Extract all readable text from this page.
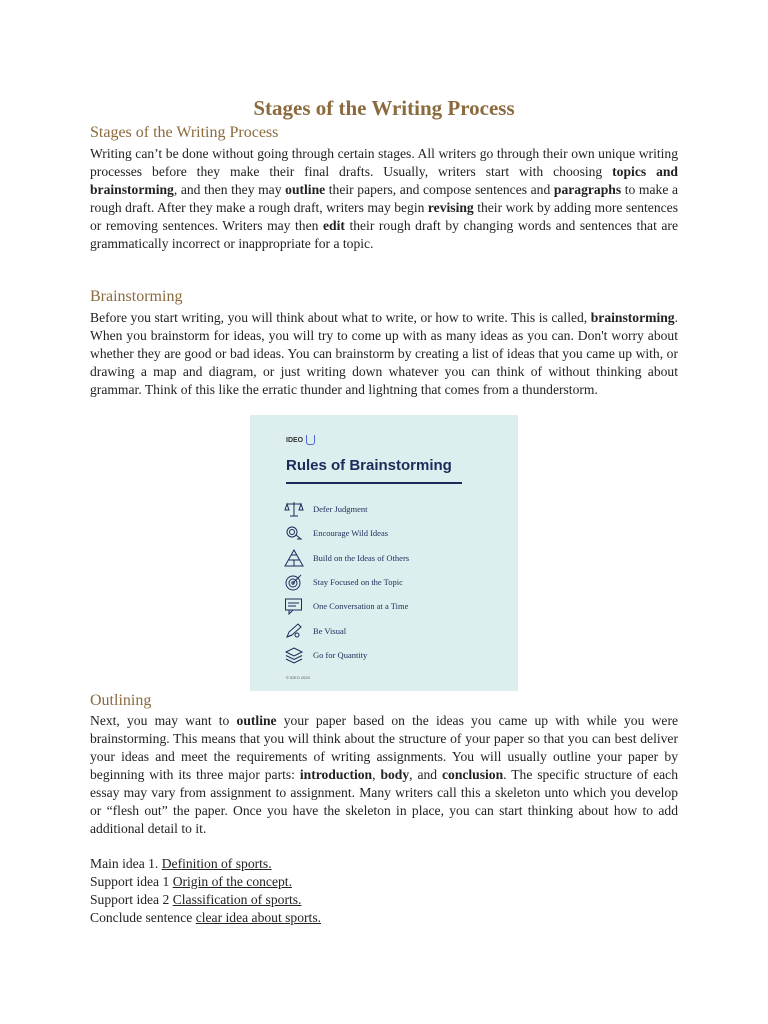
Stages of the Writing Process
Stages of the Writing Process

Writing can’t be done without going through certain stages. All writers go through their own unique writing processes before they make their final drafts. Usually, writers start with choosing topics and brainstorming, and then they may outline their papers, and compose sentences and paragraphs to make a rough draft. After they make a rough draft, writers may begin revising their work by adding more sentences or removing sentences. Writers may then edit their rough draft by changing words and sentences that are grammatically incorrect or inappropriate for a topic.

Brainstorming

Before you start writing, you will think about what to write, or how to write. This is called, brainstorming. When you brainstorm for ideas, you will try to come up with as many ideas as you can. Don't worry about whether they are good or bad ideas. You can brainstorm by creating a list of ideas that you came up with, or drawing a map and diagram, or just writing down whatever you can think of without thinking about grammar. Think of this like the erratic thunder and lightning that comes from a thunderstorm.

IDEO
Rules of Brainstorming
Defer Judgment
Encourage Wild Ideas
Build on the Ideas of Others
Stay Focused on the Topic
One Conversation at a Time
Be Visual
Go for Quantity
© IDEO 2020
Outlining

Next, you may want to outline your paper based on the ideas you came up with while you were brainstorming. This means that you will think about the structure of your paper so that you can best deliver your ideas and meet the requirements of writing assignments. You will usually outline your paper by beginning with its three major parts: introduction, body, and conclusion. The specific structure of each essay may vary from assignment to assignment. Many writers call this a skeleton unto which you develop or “flesh out” the paper. Once you have the skeleton in place, you can start thinking about how to add additional detail to it.

Main idea 1. Definition of sports.

Support idea 1 Origin of the concept.

Support idea 2 Classification of sports.

Conclude sentence clear idea about sports.
